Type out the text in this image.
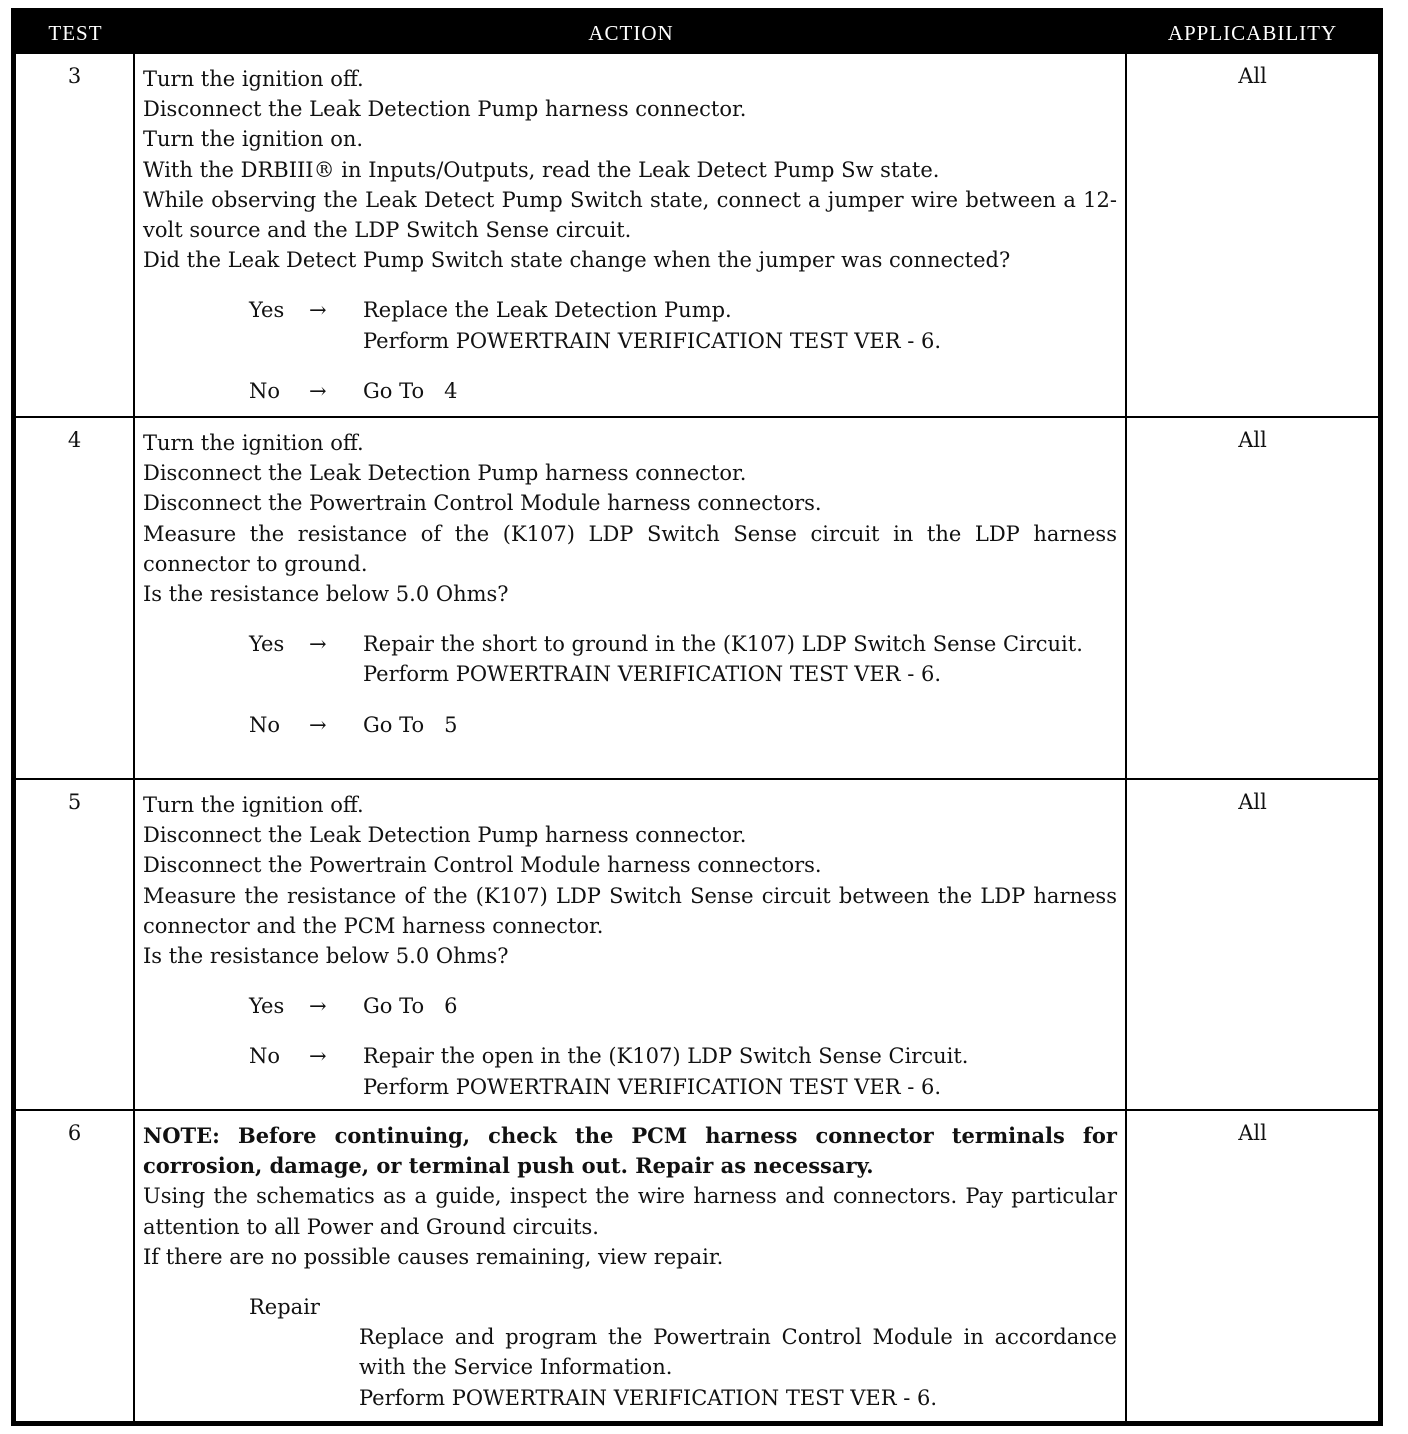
TEST	ACTION	APPLICABILITY
3	Turn the ignition off.
Disconnect the Leak Detection Pump harness connector.
Turn the ignition on.
With the DRBIII® in Inputs/Outputs, read the Leak Detect Pump Sw state.
While observing the Leak Detect Pump Switch state, connect a jumper wire between a 12-volt source and the LDP Switch Sense circuit.
Did the Leak Detect Pump Switch state change when the jumper was connected?
Yes	→	Replace the Leak Detection Pump.
Perform POWERTRAIN VERIFICATION TEST VER - 6.
No	→	Go To   4
All
4	Turn the ignition off.
Disconnect the Leak Detection Pump harness connector.
Disconnect the Powertrain Control Module harness connectors.
Measure the resistance of the (K107) LDP Switch Sense circuit in the LDP harness connector to ground.
Is the resistance below 5.0 Ohms?
Yes	→	Repair the short to ground in the (K107) LDP Switch Sense Circuit.
Perform POWERTRAIN VERIFICATION TEST VER - 6.
No	→	Go To   5
All
5	Turn the ignition off.
Disconnect the Leak Detection Pump harness connector.
Disconnect the Powertrain Control Module harness connectors.
Measure the resistance of the (K107) LDP Switch Sense circuit between the LDP harness connector and the PCM harness connector.
Is the resistance below 5.0 Ohms?
Yes	→	Go To   6
No	→	Repair the open in the (K107) LDP Switch Sense Circuit.
Perform POWERTRAIN VERIFICATION TEST VER - 6.
All
6	NOTE: Before continuing, check the PCM harness connector terminals for corrosion, damage, or terminal push out. Repair as necessary.
Using the schematics as a guide, inspect the wire harness and connectors. Pay particular attention to all Power and Ground circuits.
If there are no possible causes remaining, view repair.
Repair
Replace and program the Powertrain Control Module in accordance with the Service Information.
Perform POWERTRAIN VERIFICATION TEST VER - 6.
All
